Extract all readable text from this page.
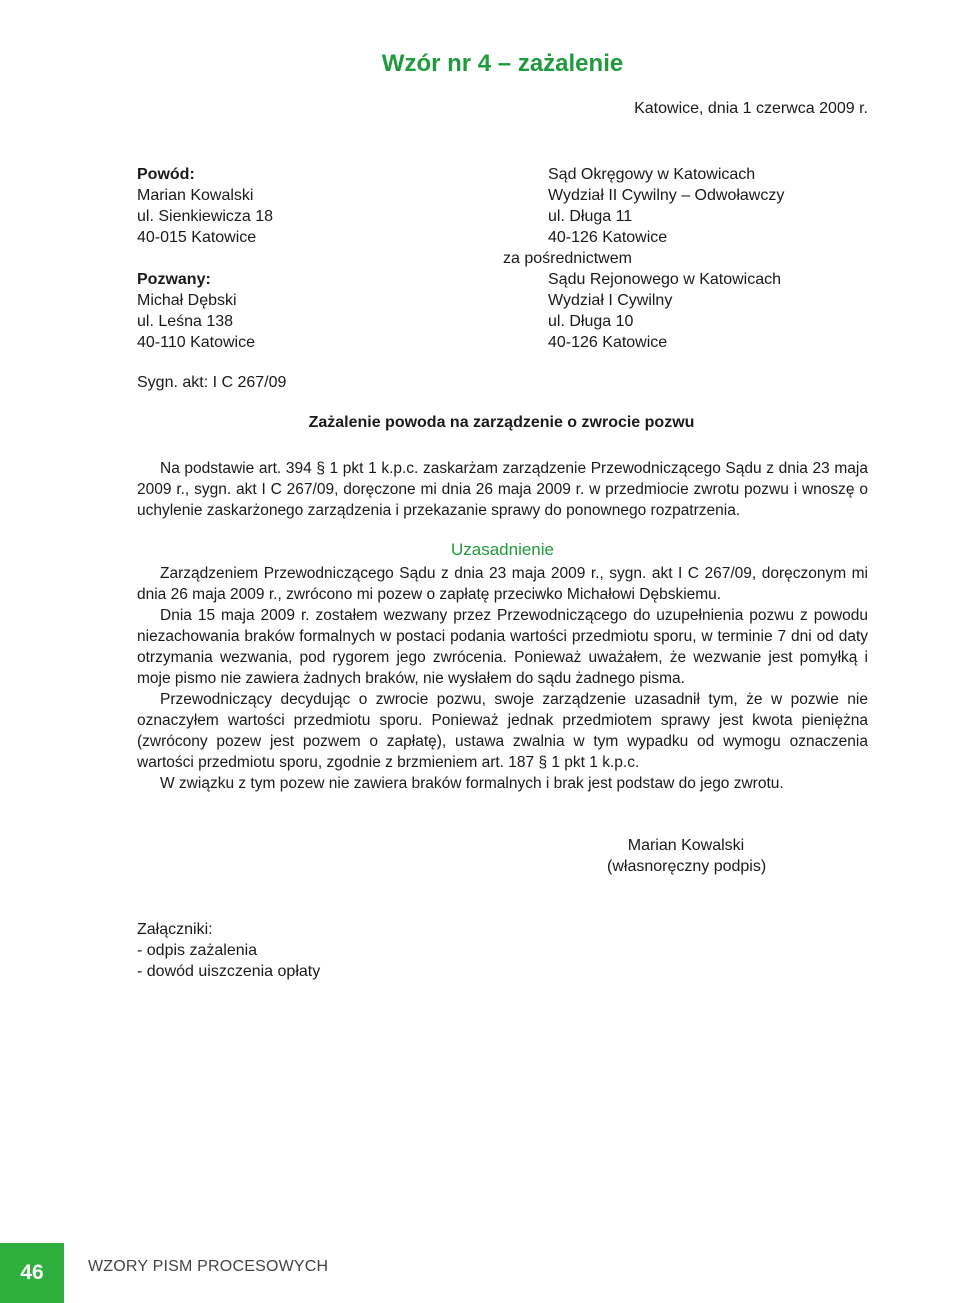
Wzór nr 4 – zażalenie
Katowice, dnia 1 czerwca 2009 r.
Powód:
Marian Kowalski
ul. Sienkiewicza 18
40-015 Katowice
Pozwany:
Michał Dębski
ul. Leśna 138
40-110 Katowice
Sąd Okręgowy w Katowicach
Wydział II Cywilny – Odwoławczy
ul. Długa 11
40-126 Katowice
za pośrednictwem
Sądu Rejonowego w Katowicach
Wydział I Cywilny
ul. Długa 10
40-126 Katowice
Sygn. akt: I C 267/09
Zażalenie powoda na zarządzenie o zwrocie pozwu
Na podstawie art. 394 § 1 pkt 1 k.p.c. zaskarżam zarządzenie Przewodniczącego Sądu z dnia 23 maja 2009 r., sygn. akt I C 267/09, doręczone mi dnia 26 maja 2009 r. w przedmiocie zwrotu pozwu i wnoszę o uchylenie zaskarżonego zarządzenia i przekazanie sprawy do ponownego rozpatrzenia.
Uzasadnienie
Zarządzeniem Przewodniczącego Sądu z dnia 23 maja 2009 r., sygn. akt I C 267/09, doręczonym mi dnia 26 maja 2009 r., zwrócono mi pozew o zapłatę przeciwko Michałowi Dębskiemu.
Dnia 15 maja 2009 r. zostałem wezwany przez Przewodniczącego do uzupełnienia pozwu z powodu niezachowania braków formalnych w postaci podania wartości przedmiotu sporu, w terminie 7 dni od daty otrzymania wezwania, pod rygorem jego zwrócenia. Ponieważ uważałem, że wezwanie jest pomyłką i moje pismo nie zawiera żadnych braków, nie wysłałem do sądu żadnego pisma.
Przewodniczący decydując o zwrocie pozwu, swoje zarządzenie uzasadnił tym, że w pozwie nie oznaczyłem wartości przedmiotu sporu. Ponieważ jednak przedmiotem sprawy jest kwota pieniężna (zwrócony pozew jest pozwem o zapłatę), ustawa zwalnia w tym wypadku od wymogu oznaczenia wartości przedmiotu sporu, zgodnie z brzmieniem art. 187 § 1 pkt 1 k.p.c.
W związku z tym pozew nie zawiera braków formalnych i brak jest podstaw do jego zwrotu.
Marian Kowalski
(własnoręczny podpis)
Załączniki:
- odpis zażalenia
- dowód uiszczenia opłaty
46	WZORY PISM PROCESOWYCH
